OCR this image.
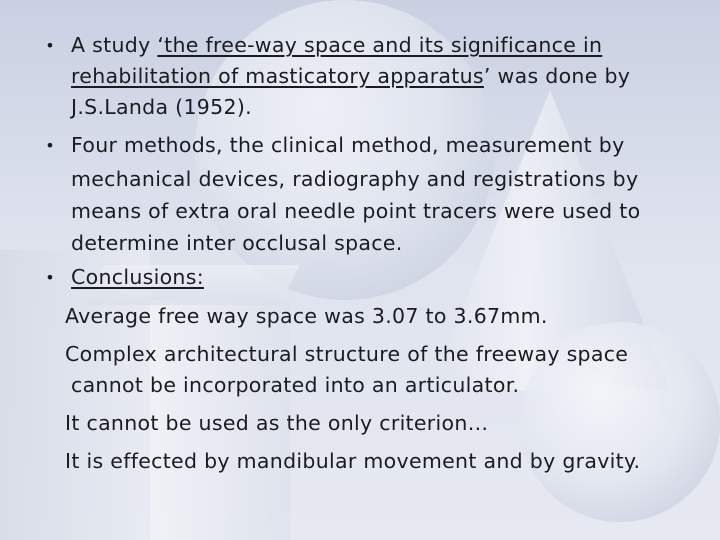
• A study ‘the free-way space and its significance in
rehabilitation of masticatory apparatus’ was done by
J.S.Landa (1952).
• Four methods, the clinical method, measurement by
mechanical devices, radiography and registrations by
means of extra oral needle point tracers were used to
determine inter occlusal space.
• Conclusions:
Average free way space was 3.07 to 3.67mm.
Complex architectural structure of the freeway space
cannot be incorporated into an articulator.
It cannot be used as the only criterion…
It is effected by mandibular movement and by gravity.
